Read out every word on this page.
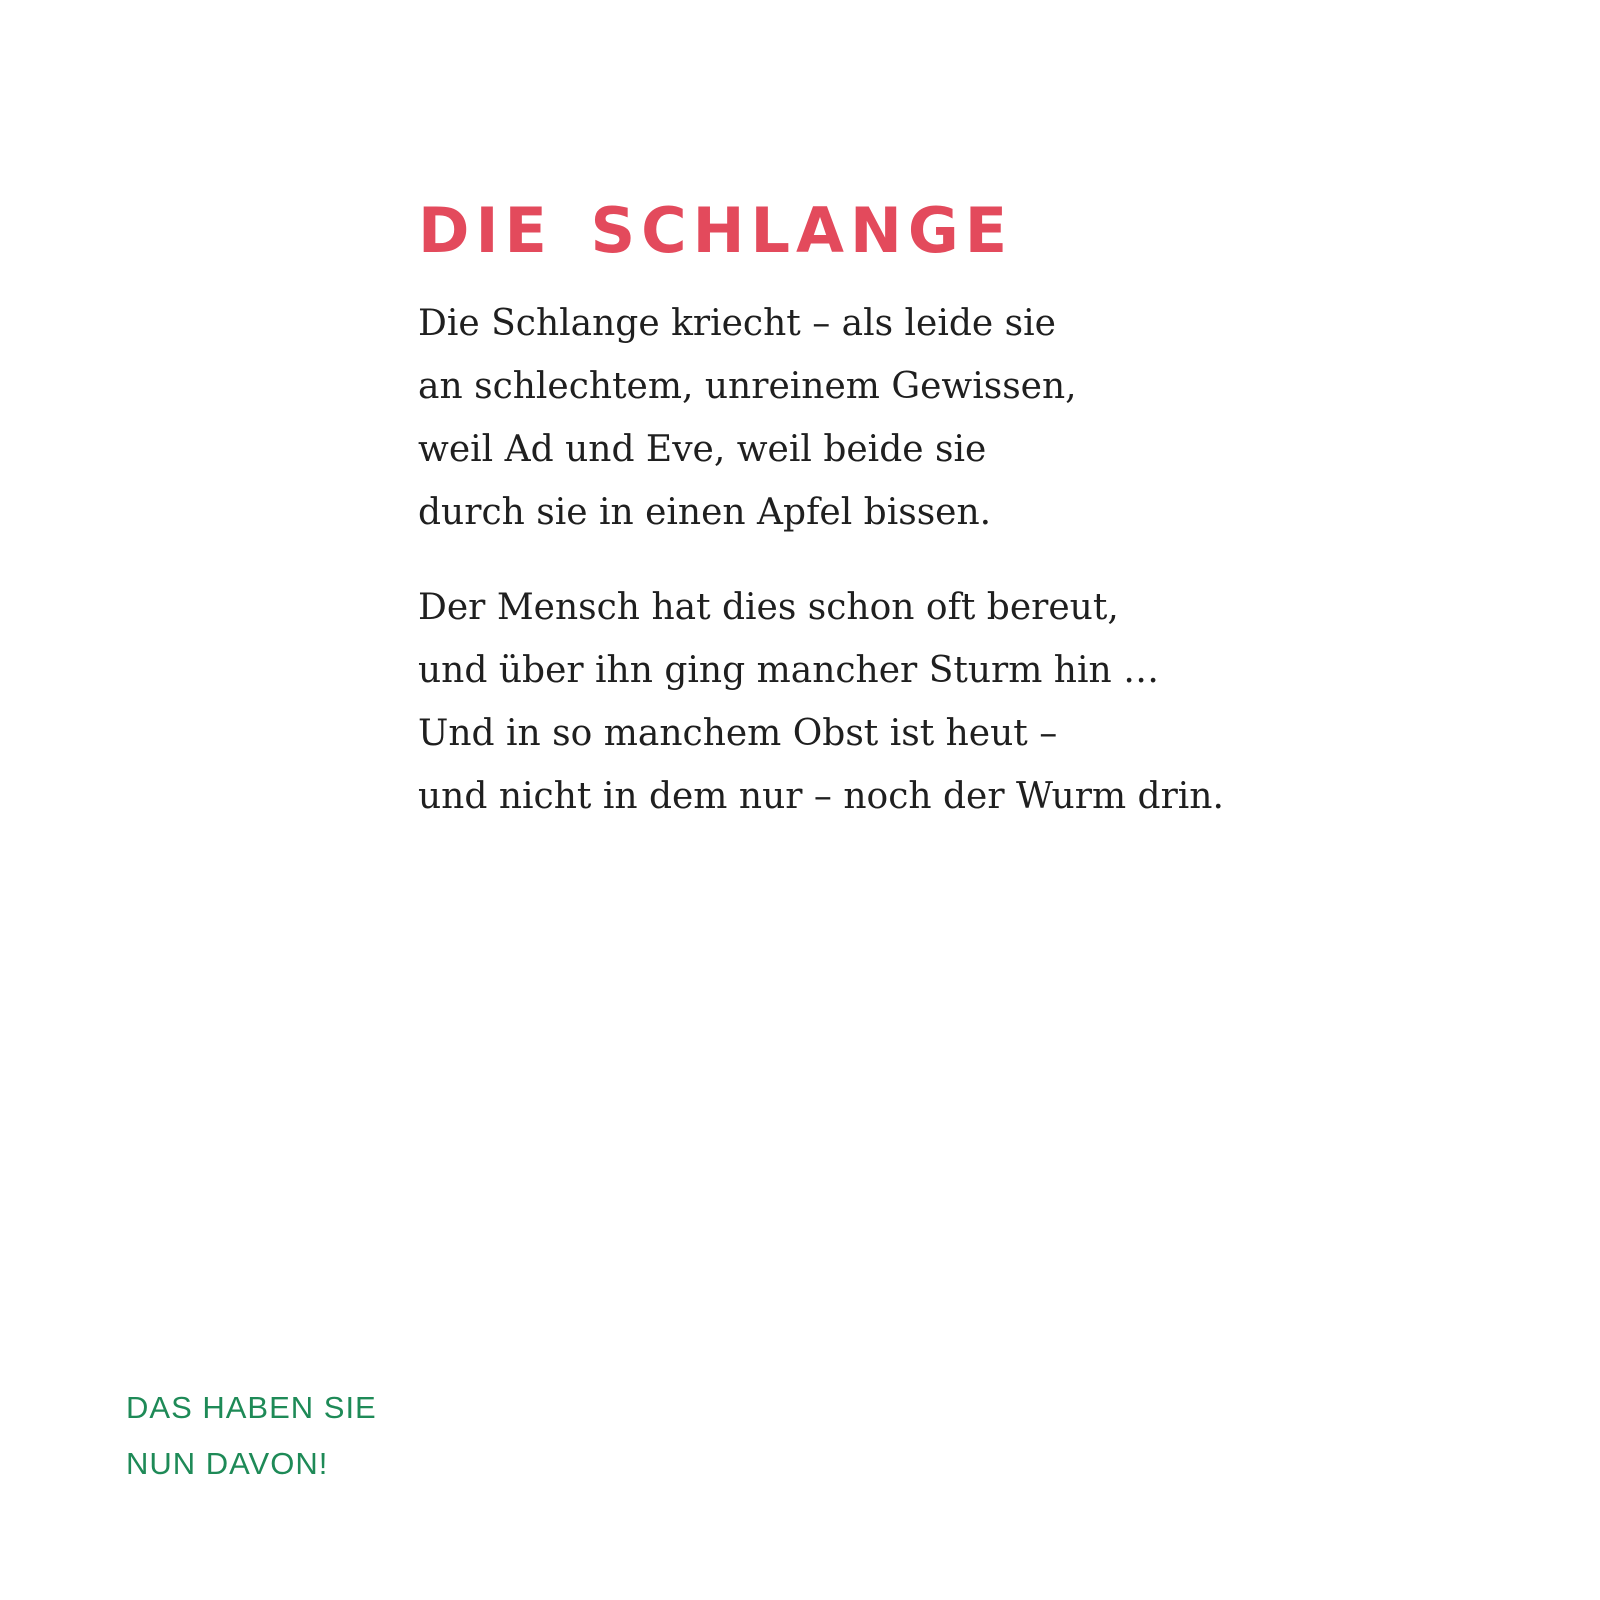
DIE SCHLANGE
Die Schlange kriecht – als leide sie
an schlechtem, unreinem Gewissen,
weil Ad und Eve, weil beide sie
durch sie in einen Apfel bissen.
Der Mensch hat dies schon oft bereut,
und über ihn ging mancher Sturm hin …
Und in so manchem Obst ist heut –
und nicht in dem nur – noch der Wurm drin.
DAS HABEN SIE
NUN DAVON!
